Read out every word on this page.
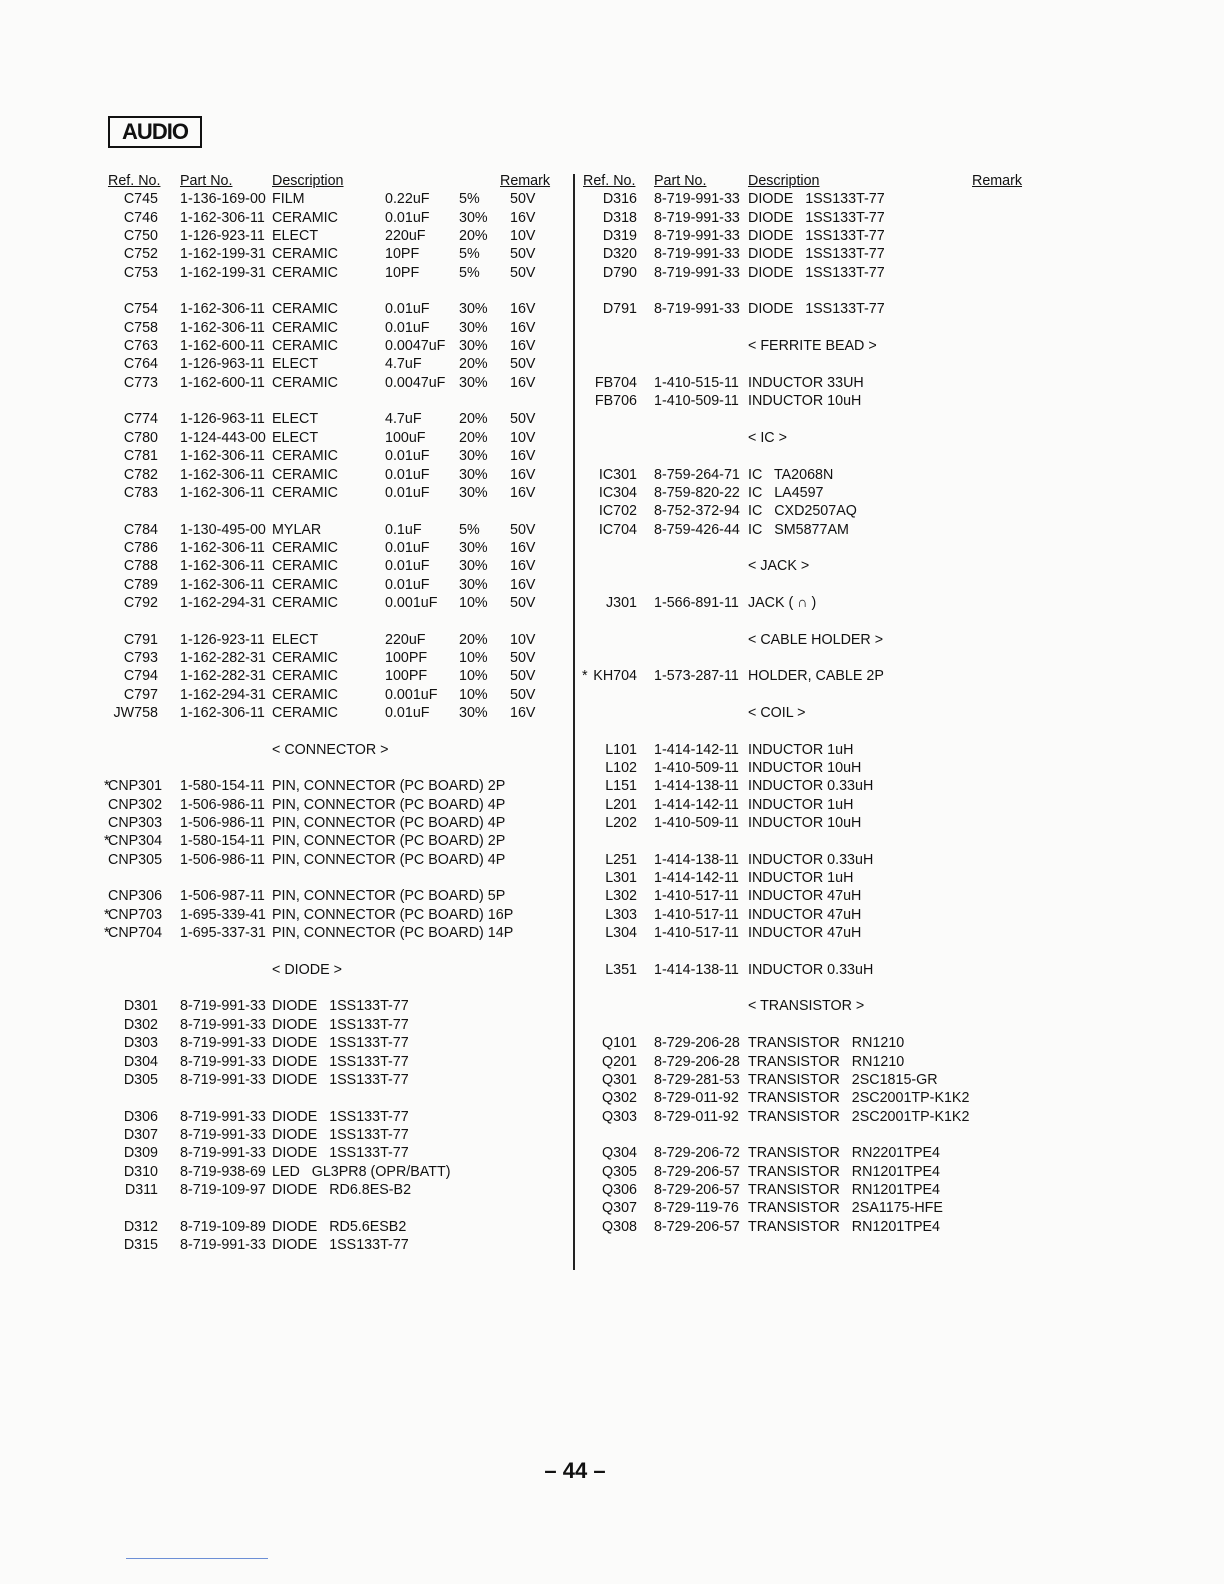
AUDIO
Ref. No. Part No.	Description	Remark
C745 1-136-169-00 FILM	0.22uF 5% 50V
C746 1-162-306-11 CERAMIC	0.01uF 30% 16V
C750 1-126-923-11 ELECT	220uF 20% 10V
C752 1-162-199-31 CERAMIC	10PF	5% 50V
C753 1-162-199-31 CERAMIC	10PF	5% 50V
C754 1-162-306-11 CERAMIC	0.01uF 30% 16V
C758 1-162-306-11 CERAMIC	0.01uF 30% 16V
C763 1-162-600-11 CERAMIC	0.0047uF 30% 16V
C764 1-126-963-11 ELECT	4.7uF	20% 50V
C773 1-162-600-11 CERAMIC	0.0047uF 30% 16V
C774 1-126-963-11 ELECT	4.7uF	20% 50V
C780 1-124-443-00 ELECT	100uF 20% 10V
C781 1-162-306-11 CERAMIC	0.01uF 30% 16V
C782 1-162-306-11 CERAMIC	0.01uF 30% 16V
C783 1-162-306-11 CERAMIC	0.01uF 30% 16V
C784 1-130-495-00 MYLAR	0.1uF	5% 50V
C786 1-162-306-11 CERAMIC	0.01uF 30% 16V
C788 1-162-306-11 CERAMIC	0.01uF 30% 16V
C789 1-162-306-11 CERAMIC	0.01uF 30% 16V
C792 1-162-294-31 CERAMIC	0.001uF 10% 50V
C791 1-126-923-11 ELECT	220uF 20% 10V
C793 1-162-282-31 CERAMIC	100PF 10% 50V
C794 1-162-282-31 CERAMIC	100PF 10% 50V
C797 1-162-294-31 CERAMIC	0.001uF 10% 50V
JW758 1-162-306-11 CERAMIC	0.01uF 30% 16V
< CONNECTOR >
*
CNP301 1-580-154-11 PIN, CONNECTOR (PC BOARD) 2P
CNP302 1-506-986-11 PIN, CONNECTOR (PC BOARD) 4P
CNP303 1-506-986-11 PIN, CONNECTOR (PC BOARD) 4P
*
CNP304 1-580-154-11 PIN, CONNECTOR (PC BOARD) 2P
CNP305 1-506-986-11 PIN, CONNECTOR (PC BOARD) 4P
CNP306 1-506-987-11 PIN, CONNECTOR (PC BOARD) 5P
*
CNP703 1-695-339-41 PIN, CONNECTOR (PC BOARD) 16P
*
CNP704 1-695-337-31 PIN, CONNECTOR (PC BOARD) 14P
< DIODE >
D301 8-719-991-33 DIODE   1SS133T-77
D302 8-719-991-33 DIODE   1SS133T-77
D303 8-719-991-33 DIODE   1SS133T-77
D304 8-719-991-33 DIODE   1SS133T-77
D305 8-719-991-33 DIODE   1SS133T-77
D306 8-719-991-33 DIODE   1SS133T-77
D307 8-719-991-33 DIODE   1SS133T-77
D309 8-719-991-33 DIODE   1SS133T-77
D310 8-719-938-69 LED   GL3PR8 (OPR/BATT)
D311 8-719-109-97 DIODE   RD6.8ES-B2
D312 8-719-109-89 DIODE   RD5.6ESB2
D315 8-719-991-33 DIODE   1SS133T-77
Ref. No.	Part No.	Description	Remark
D316 8-719-991-33 DIODE   1SS133T-77
D318 8-719-991-33 DIODE   1SS133T-77
D319 8-719-991-33 DIODE   1SS133T-77
D320 8-719-991-33 DIODE   1SS133T-77
D790 8-719-991-33 DIODE   1SS133T-77
D791 8-719-991-33 DIODE   1SS133T-77
< FERRITE BEAD >
FB704 1-410-515-11 INDUCTOR 33UH
FB706 1-410-509-11 INDUCTOR 10uH
< IC >
IC301 8-759-264-71 IC   TA2068N
IC304 8-759-820-22 IC   LA4597
IC702 8-752-372-94 IC   CXD2507AQ
IC704 8-759-426-44 IC   SM5877AM
< JACK >
J301 1-566-891-11 JACK ( ∩ )
< CABLE HOLDER >
* KH704 1-573-287-11 HOLDER, CABLE 2P
< COIL >
L101 1-414-142-11 INDUCTOR 1uH
L102 1-410-509-11 INDUCTOR 10uH
L151 1-414-138-11 INDUCTOR 0.33uH
L201 1-414-142-11 INDUCTOR 1uH
L202 1-410-509-11 INDUCTOR 10uH
L251 1-414-138-11 INDUCTOR 0.33uH
L301 1-414-142-11 INDUCTOR 1uH
L302 1-410-517-11 INDUCTOR 47uH
L303 1-410-517-11 INDUCTOR 47uH
L304 1-410-517-11 INDUCTOR 47uH
L351 1-414-138-11 INDUCTOR 0.33uH
< TRANSISTOR >
Q101 8-729-206-28 TRANSISTOR   RN1210
Q201 8-729-206-28 TRANSISTOR   RN1210
Q301 8-729-281-53 TRANSISTOR   2SC1815-GR
Q302 8-729-011-92 TRANSISTOR   2SC2001TP-K1K2
Q303 8-729-011-92 TRANSISTOR   2SC2001TP-K1K2
Q304 8-729-206-72 TRANSISTOR   RN2201TPE4
Q305 8-729-206-57 TRANSISTOR   RN1201TPE4
Q306 8-729-206-57 TRANSISTOR   RN1201TPE4
Q307 8-729-119-76 TRANSISTOR   2SA1175-HFE
Q308 8-729-206-57 TRANSISTOR   RN1201TPE4
– 44 –
